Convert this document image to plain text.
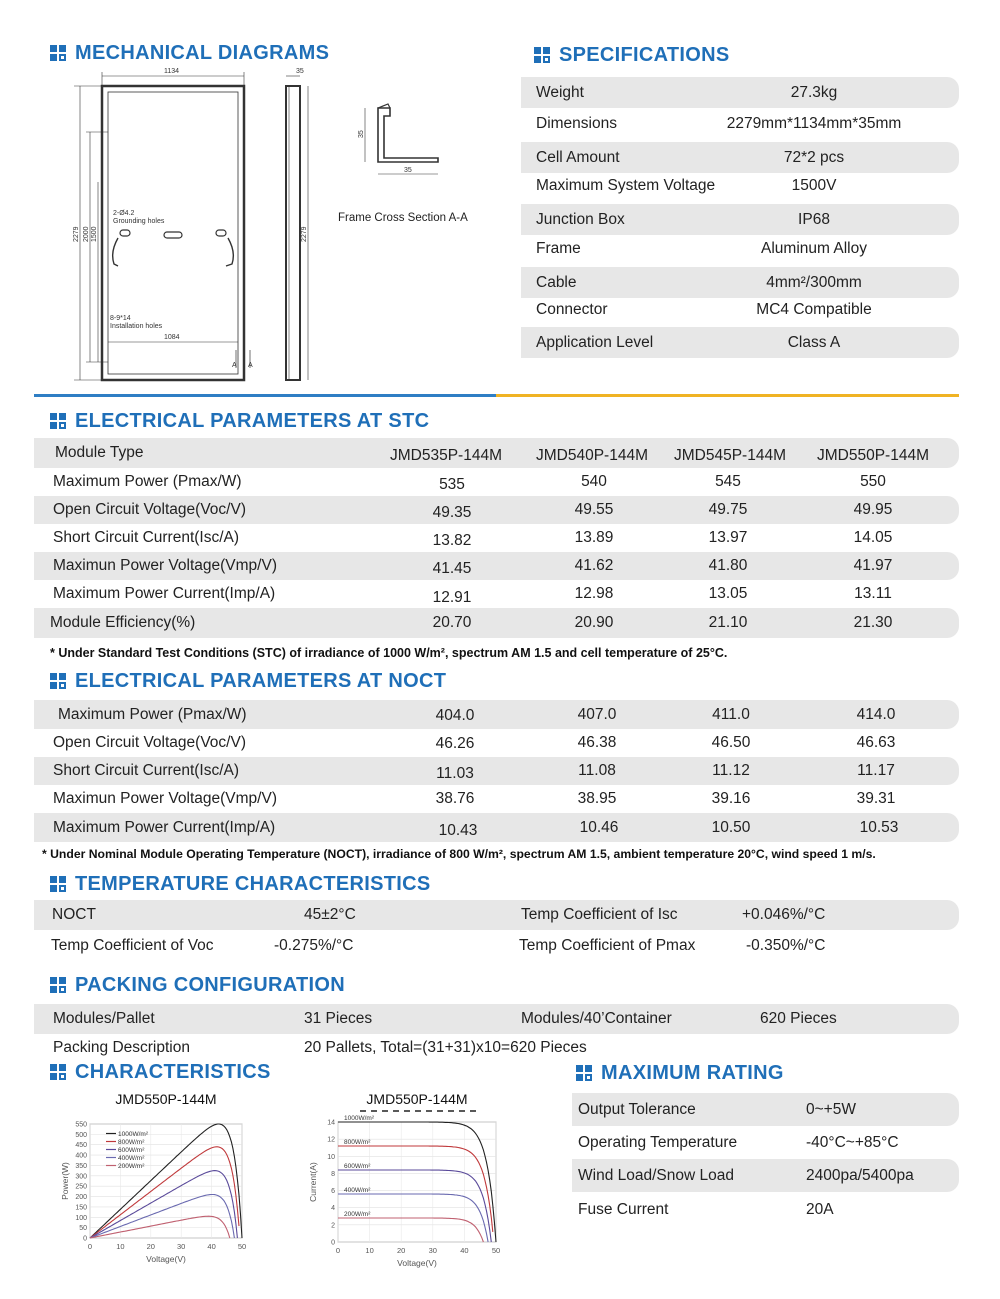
MECHANICAL DIAGRAMS
1134	35
2279 2000 1500	2279
1084
2-Ø4.2
Grounding holes
8-9*14
Installation holes
A A
35
35
Frame Cross Section A-A
SPECIFICATIONS
Weight	27.3kg
Dimensions	2279mm*1134mm*35mm
Cell Amount	72*2 pcs
Maximum System Voltage	1500V
Junction Box	IP68
Frame	Aluminum Alloy
Cable	4mm²/300mm
Connector	MC4 Compatible
Application Level	Class A
ELECTRICAL PARAMETERS AT STC
Module Type	JMD535P-144M JMD540P-144M JMD545P-144M JMD550P-144M
Maximum Power (Pmax/W)	535	540	545	550
Open Circuit Voltage(Voc/V)	49.35	49.55	49.75	49.95
Short Circuit Current(Isc/A)	13.82	13.89	13.97	14.05
Maximun Power Voltage(Vmp/V)	41.45	41.62	41.80	41.97
Maximum Power Current(Imp/A)	12.91	12.98	13.05	13.11
Module Efficiency(%)	20.70	20.90	21.10	21.30
* Under Standard Test Conditions (STC) of irradiance of 1000 W/m², spectrum AM 1.5 and cell temperature of 25°C.
ELECTRICAL PARAMETERS AT NOCT
Maximum Power (Pmax/W)	404.0	407.0	411.0	414.0
Open Circuit Voltage(Voc/V)	46.26	46.38	46.50	46.63
Short Circuit Current(Isc/A)	11.03	11.08	11.12	11.17
Maximun Power Voltage(Vmp/V)	38.76	38.95	39.16	39.31
Maximum Power Current(Imp/A)	10.43	10.46	10.50	10.53
* Under Nominal Module Operating Temperature (NOCT), irradiance of 800 W/m², spectrum AM 1.5, ambient temperature 20°C, wind speed 1 m/s.
TEMPERATURE CHARACTERISTICS
NOCT	45±2°C	Temp Coefficient of Isc	+0.046%/°C
Temp Coefficient of Voc	-0.275%/°C	Temp Coefficient of Pmax	-0.350%/°C
PACKING CONFIGURATION
Modules/Pallet	31 Pieces	Modules/40’Container	620 Pieces
Packing Description	20 Pallets, Total=(31+31)x10=620 Pieces
CHARACTERISTICS
JMD550P-144M
0
50
100
150
200
250
300
350
400
450
500
550
0	10	20	30	40	50
Voltage(V)
Power(W)
1000W/m²
800W/m²
600W/m²
400W/m²
200W/m²
JMD550P-144M
0
2
4
6
8
10
12
14
0	10	20	30	40	50
Voltage(V)
Current(A)
1000W/m²
800W/m²
600W/m²
400W/m²
200W/m²
MAXIMUM RATING
Output Tolerance	0~+5W
Operating Temperature	-40°C~+85°C
Wind Load/Snow Load	2400pa/5400pa
Fuse Current	20A
